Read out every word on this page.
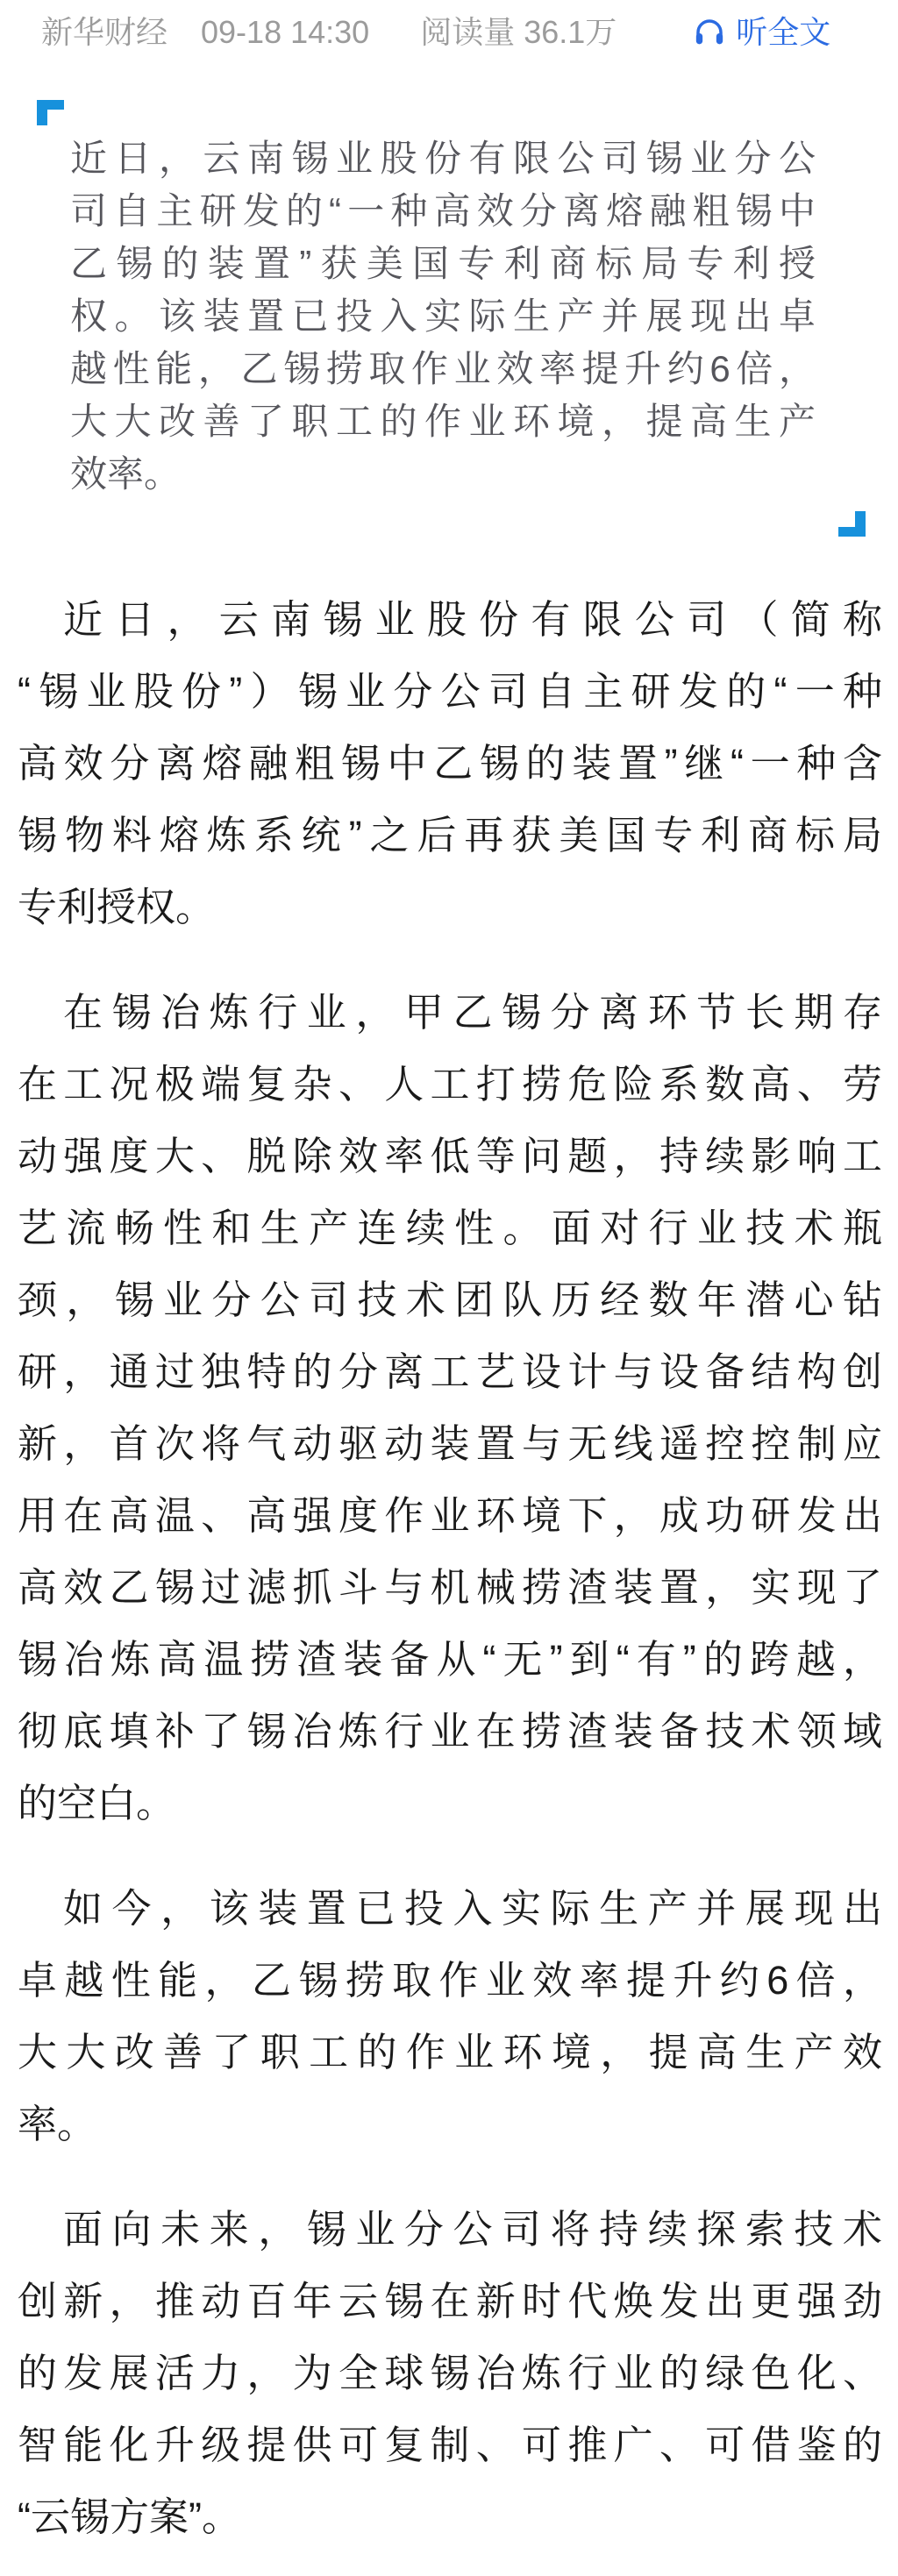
新华财经 09-18 14:30 阅读量 36.1万	听全文
近日，云南锡业股份有限公司锡业分公
司自主研发的“一种高效分离熔融粗锡中
乙锡的装置”获美国专利商标局专利授
权。该装置已投入实际生产并展现出卓
越性能，乙锡捞取作业效率提升约6倍，
大大改善了职工的作业环境，提高生产
效率。
近日，云南锡业股份有限公司（简称
“锡业股份”）锡业分公司自主研发的“一种
高效分离熔融粗锡中乙锡的装置”继“一种含
锡物料熔炼系统”之后再获美国专利商标局
专利授权。
在锡冶炼行业，甲乙锡分离环节长期存
在工况极端复杂、人工打捞危险系数高、劳
动强度大、脱除效率低等问题，持续影响工
艺流畅性和生产连续性。面对行业技术瓶
颈，锡业分公司技术团队历经数年潜心钻
研，通过独特的分离工艺设计与设备结构创
新，首次将气动驱动装置与无线遥控控制应
用在高温、高强度作业环境下，成功研发出
高效乙锡过滤抓斗与机械捞渣装置，实现了
锡冶炼高温捞渣装备从“无”到“有”的跨越，
彻底填补了锡冶炼行业在捞渣装备技术领域
的空白。
如今，该装置已投入实际生产并展现出
卓越性能，乙锡捞取作业效率提升约6倍，
大大改善了职工的作业环境，提高生产效
率。
面向未来，锡业分公司将持续探索技术
创新，推动百年云锡在新时代焕发出更强劲
的发展活力，为全球锡冶炼行业的绿色化、
智能化升级提供可复制、可推广、可借鉴的
“云锡方案”。
